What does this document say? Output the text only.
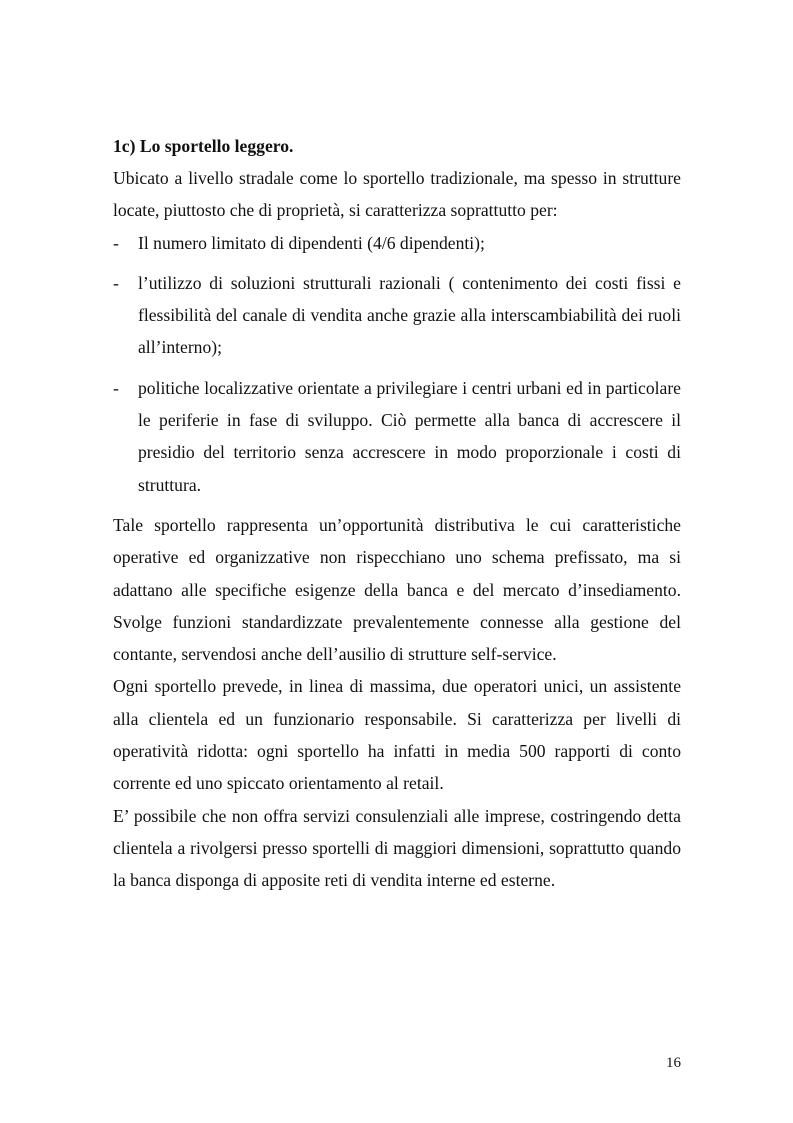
1c) Lo sportello leggero.

Ubicato a livello stradale come lo sportello tradizionale, ma spesso in strutture locate, piuttosto che di proprietà, si caratterizza soprattutto per:

- Il numero limitato di dipendenti (4/6 dipendenti);
- l’utilizzo di soluzioni strutturali razionali ( contenimento dei costi fissi e flessibilità del canale di vendita anche grazie alla interscambiabilità dei ruoli all’interno);
- politiche localizzative orientate a privilegiare i centri urbani ed in particolare le periferie in fase di sviluppo. Ciò permette alla banca di accrescere il presidio del territorio senza accrescere in modo proporzionale i costi di struttura.

Tale sportello rappresenta un’opportunità distributiva le cui caratteristiche operative ed organizzative non rispecchiano uno schema prefissato, ma si adattano alle specifiche esigenze della banca e del mercato d’insediamento. Svolge funzioni standardizzate prevalentemente connesse alla gestione del contante, servendosi anche dell’ausilio di strutture self-service.

Ogni sportello prevede, in linea di massima, due operatori unici, un assistente alla clientela ed un funzionario responsabile. Si caratterizza per livelli di operatività ridotta: ogni sportello ha infatti in media 500 rapporti di conto corrente ed uno spiccato orientamento al retail.

E’ possibile che non offra servizi consulenziali alle imprese, costringendo detta clientela a rivolgersi presso sportelli di maggiori dimensioni, soprattutto quando la banca disponga di apposite reti di vendita interne ed esterne.

16
